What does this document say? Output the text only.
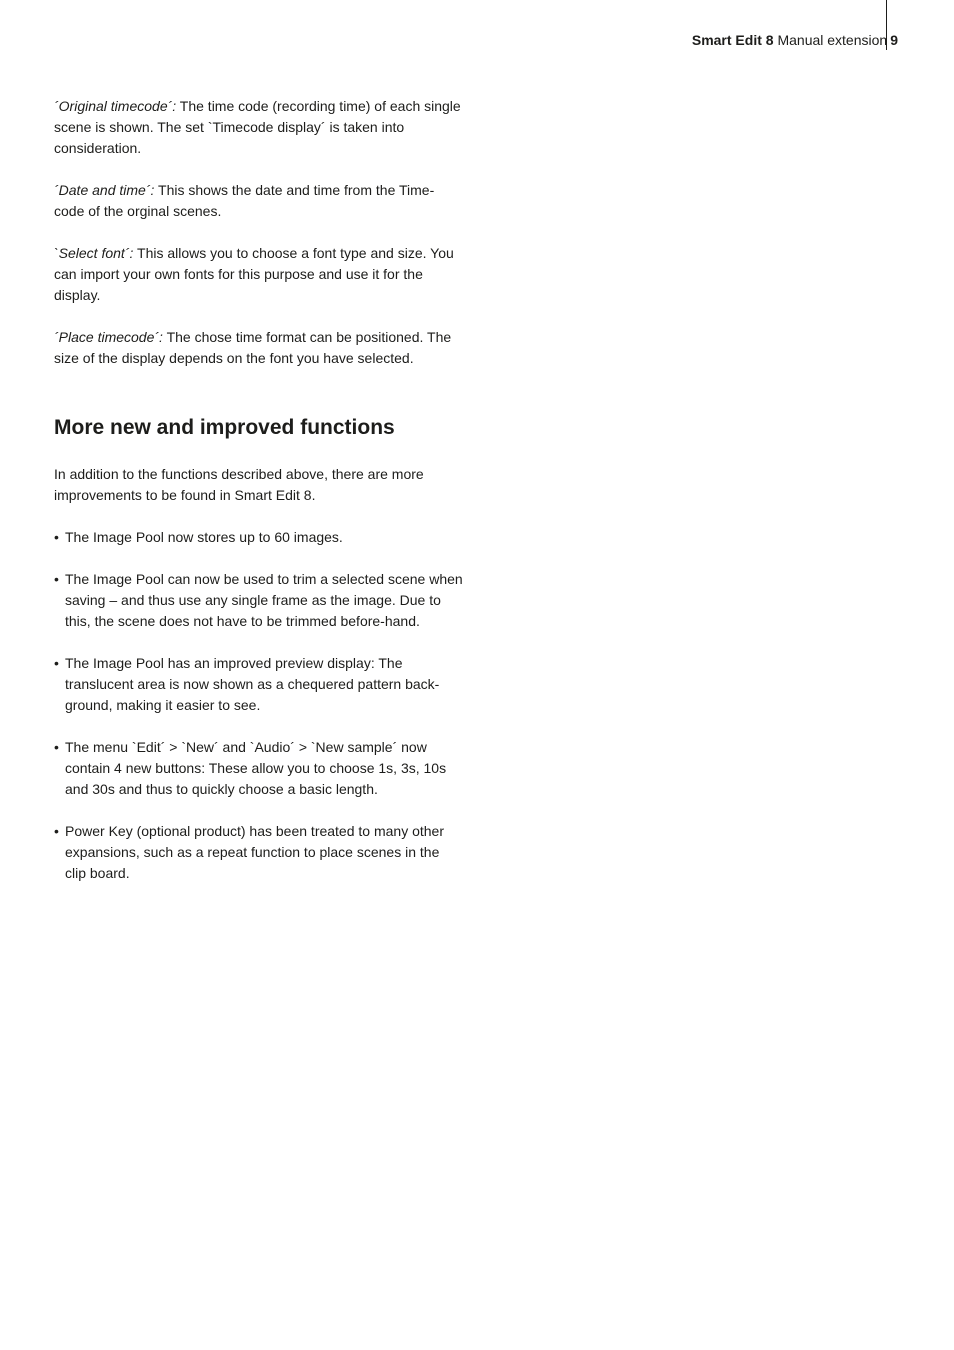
Smart Edit 8 Manual extension 9

´Original timecode´: The time code (recording time) of each single scene is shown. The set `Timecode display´ is taken into consideration.

´Date and time´: This shows the date and time from the Time-code of the orginal scenes.

`Select font´: This allows you to choose a font type and size. You can import your own fonts for this purpose and use it for the display.

´Place timecode´: The chose time format can be positioned. The size of the display depends on the font you have selected.

More new and improved functions

In addition to the functions described above, there are more improvements to be found in Smart Edit 8.

• The Image Pool now stores up to 60 images.
• The Image Pool can now be used to trim a selected scene when saving – and thus use any single frame as the image. Due to this, the scene does not have to be trimmed before-hand.
• The Image Pool has an improved preview display: The translucent area is now shown as a chequered pattern back-ground, making it easier to see.
• The menu `Edit´ > `New´ and `Audio´ > `New sample´ now contain 4 new buttons: These allow you to choose 1s, 3s, 10s and 30s and thus to quickly choose a basic length.
• Power Key (optional product) has been treated to many other expansions, such as a repeat function to place scenes in the clip board.
